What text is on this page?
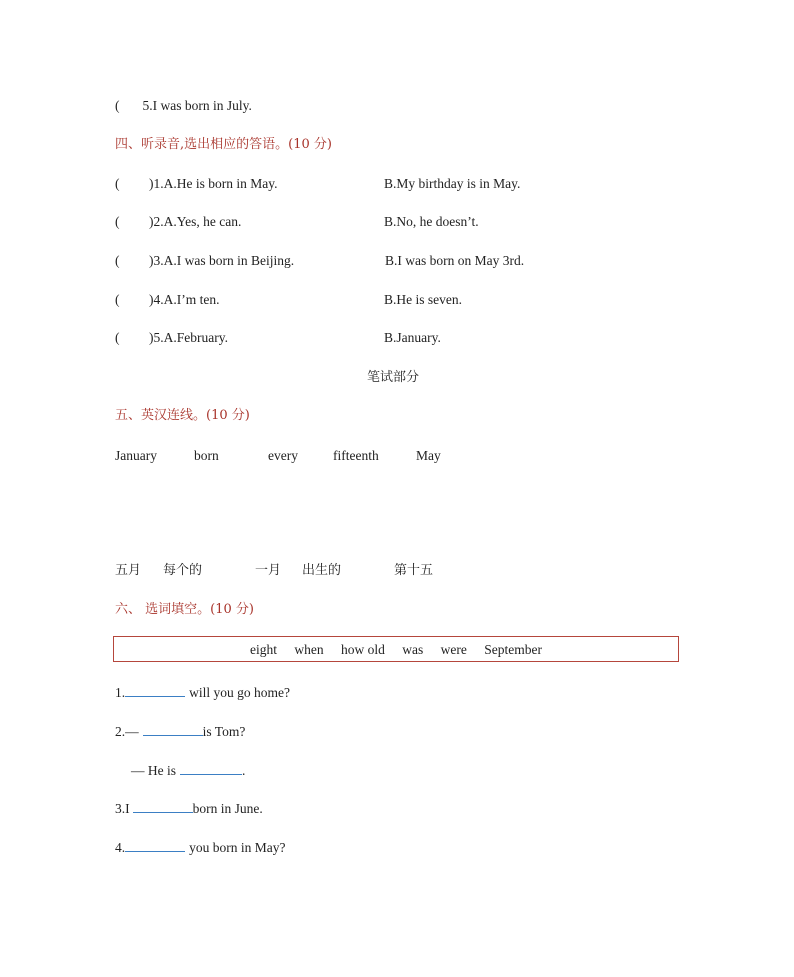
( 5.I was born in July.
四、听录音,选出相应的答语。(10 分)
( )1.A.He is born in May.	B.My birthday is in May.
( )2.A.Yes, he can.	B.No, he doesn’t.
( )3.A.I was born in Beijing.	B.I was born on May 3rd.
( )4.A.I’m ten.	B.He is seven.
( )5.A.February.	B.January.
笔试部分
五、英汉连线。(10 分)
January	born	every	fifteenth	May
五月 每个的	一月 出生的	第十五
六、 选词填空。(10 分)
eight when how old was were September
1.	will you go home?
2.—	is Tom?
— He is	.
3.I	born in June.
4.	you born in May?
